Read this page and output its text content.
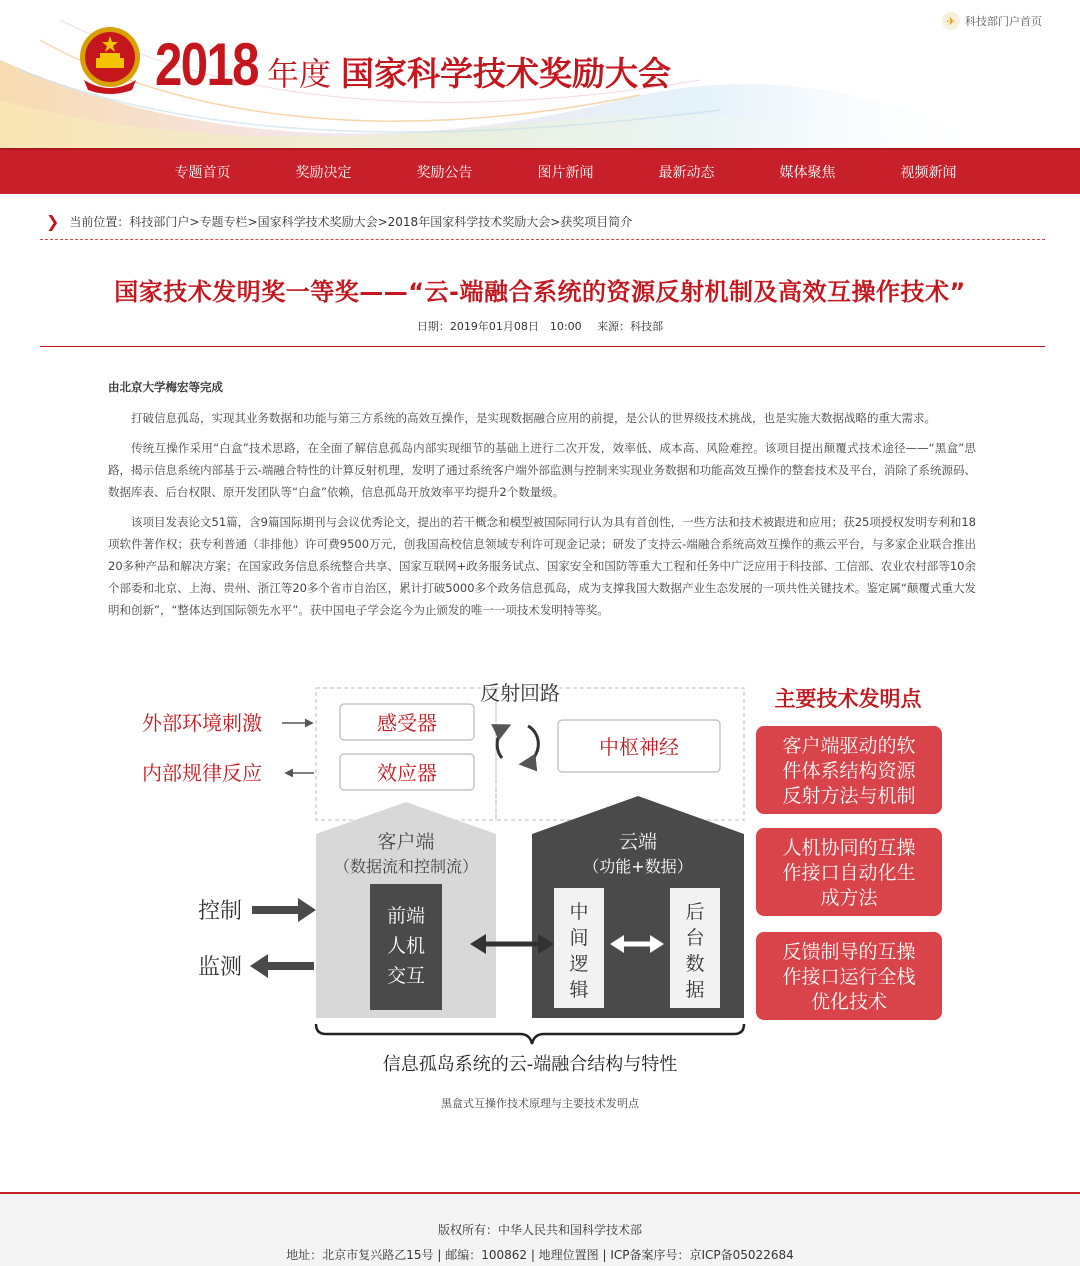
2018 年度 国家科学技术奖励大会
✈ 科技部门户首页
专题首页	奖励决定	奖励公告	图片新闻	最新动态	媒体聚焦	视频新闻
❯ 当前位置： 科技部门户 > 专题专栏 > 国家科学技术奖励大会 > 2018年国家科学技术奖励大会 > 获奖项目简介
国家技术发明奖一等奖——“云-端融合系统的资源反射机制及高效互操作技术”
日期：2019年01月08日　10:00 来源：科技部
由北京大学梅宏等完成

打破信息孤岛，实现其业务数据和功能与第三方系统的高效互操作，是实现数据融合应用的前提，是公认的世界级技术挑战，也是实施大数据战略的重大需求。

传统互操作采用“白盒”技术思路，在全面了解信息孤岛内部实现细节的基础上进行二次开发，效率低、成本高、风险难控。该项目提出颠覆式技术途径——“黑盒”思路，揭示信息系统内部基于云-端融合特性的计算反射机理，发明了通过系统客户端外部监测与控制来实现业务数据和功能高效互操作的整套技术及平台，消除了系统源码、数据库表、后台权限、原开发团队等“白盒”依赖，信息孤岛开放效率平均提升2个数量级。

该项目发表论文51篇，含9篇国际期刊与会议优秀论文，提出的若干概念和模型被国际同行认为具有首创性，一些方法和技术被跟进和应用；获25项授权发明专利和18项软件著作权；获专利普通（非排他）许可费9500万元，创我国高校信息领域专利许可现金记录；研发了支持云-端融合系统高效互操作的燕云平台，与多家企业联合推出20多种产品和解决方案；在国家政务信息系统整合共享、国家互联网+政务服务试点、国家安全和国防等重大工程和任务中广泛应用于科技部、工信部、农业农村部等10余个部委和北京、上海、贵州、浙江等20多个省市自治区，累计打破5000多个政务信息孤岛，成为支撑我国大数据产业生态发展的一项共性关键技术。鉴定属“颠覆式重大发明和创新”，“整体达到国际领先水平”。获中国电子学会迄今为止颁发的唯一一项技术发明特等奖。

外部环境刺激
内部规律反应
感受器
效应器
反射回路
中枢神经
客户端
（数据流和控制流）
前端
人机
交互
云端
（功能+数据）
中
间
逻
辑
后
台
数
据
控制
监测
信息孤岛系统的云-端融合结构与特性
主要技术发明点
客户端驱动的软
件体系结构资源
反射方法与机制
人机协同的互操
作接口自动化生
成方法
反馈制导的互操
作接口运行全栈
优化技术
黑盒式互操作技术原理与主要技术发明点
版权所有：中华人民共和国科学技术部
地址：北京市复兴路乙15号 | 邮编：100862 | 地理位置图 | ICP备案序号：京ICP备05022684
